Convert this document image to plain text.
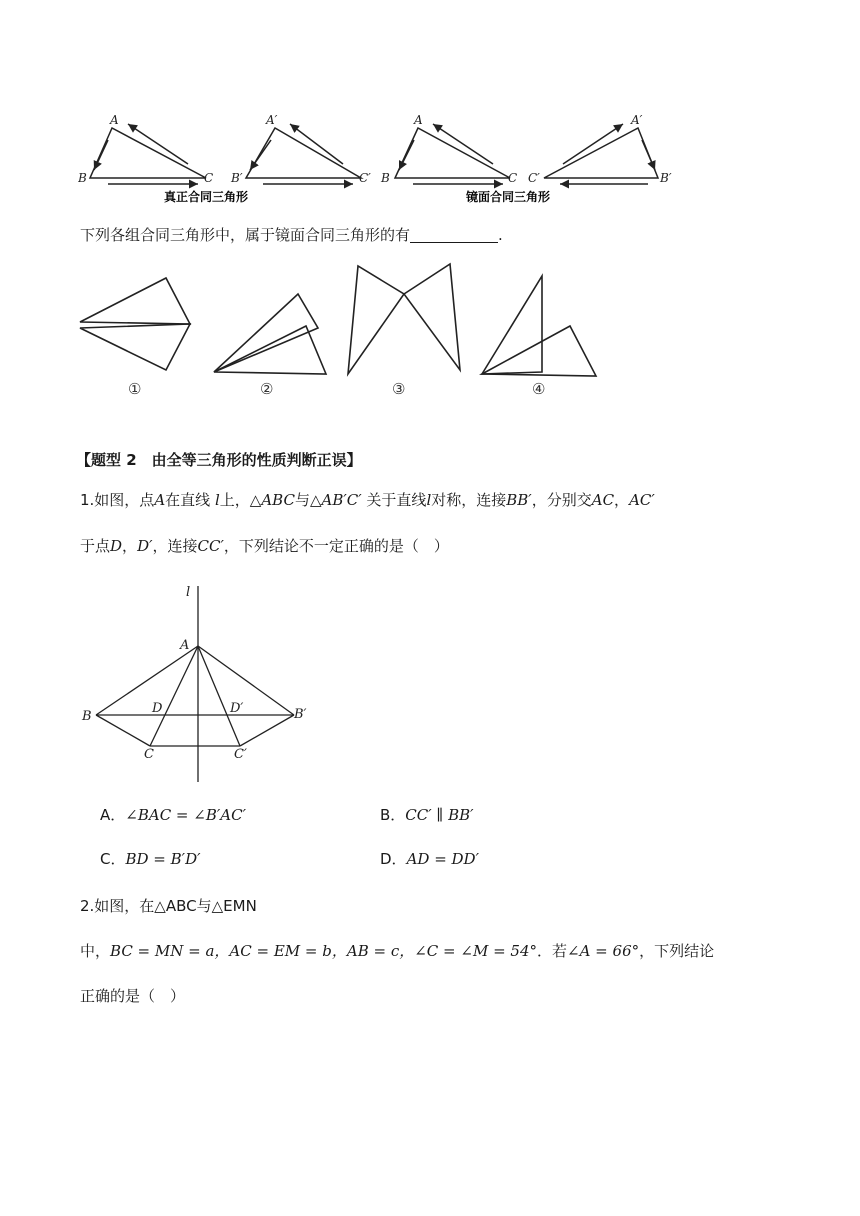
A
B	C
A′
B′	C′
A
B	C
A′
C′	B′
真正合同三角形	镜面合同三角形
下列各组合同三角形中，属于镜面合同三角形的有	.
①	②	③	④
【题型 2　由全等三角形的性质判断正误】
1.如图，点A在直线 l上，△ABC与△AB′C′ 关于直线l对称，连接BB′，分别交AC，AC′
于点D，D′，连接CC′，下列结论不一定正确的是（　）
l
A
B	B′
D	D′
C	C′
A．∠BAC = ∠B′AC′	B．CC′ ∥ BB′
C．BD = B′D′	D．AD = DD′
2.如图，在△ABC与△EMN
中，BC = MN = a，AC = EM = b，AB = c，∠C = ∠M = 54°．若∠A = 66°，下列结论
正确的是（　）
